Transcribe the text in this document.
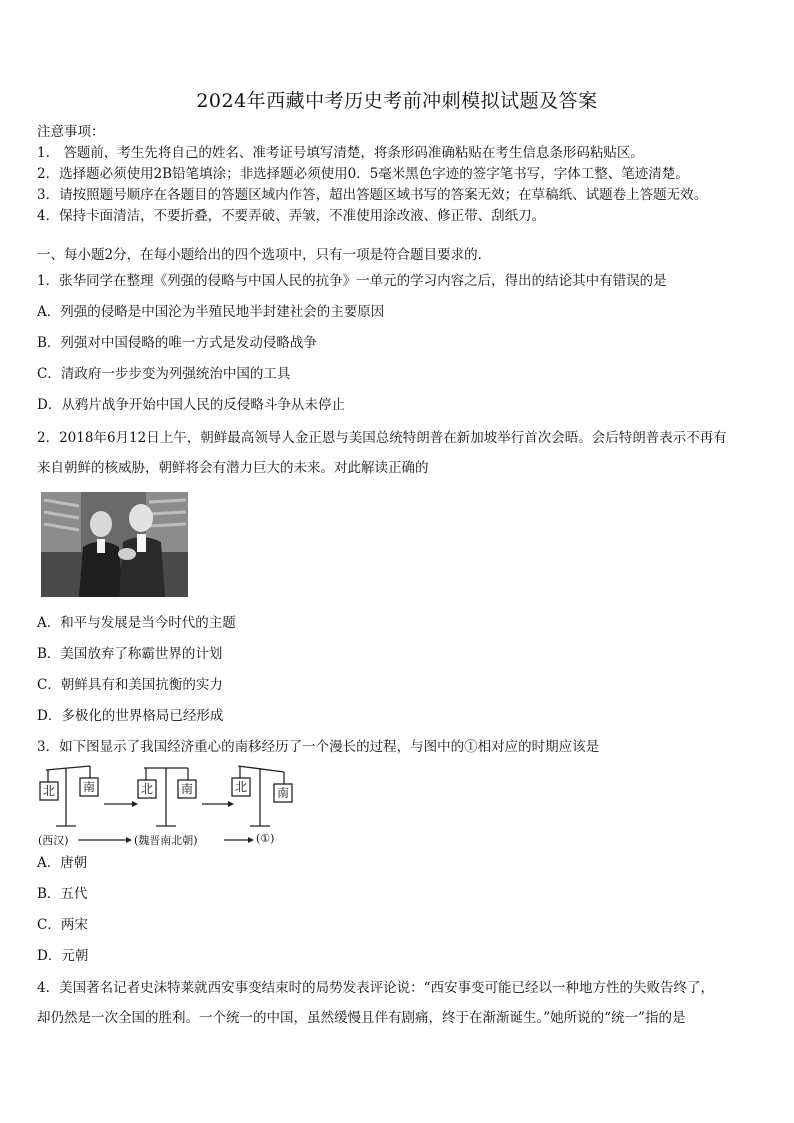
2024年西藏中考历史考前冲刺模拟试题及答案
注意事项：
1.　答题前，考生先将自己的姓名、准考证号填写清楚，将条形码准确粘贴在考生信息条形码粘贴区。
2．选择题必须使用2B铅笔填涂；非选择题必须使用0．5毫米黑色字迹的签字笔书写，字体工整、笔迹清楚。
3．请按照题号顺序在各题目的答题区域内作答，超出答题区域书写的答案无效；在草稿纸、试题卷上答题无效。
4．保持卡面清洁，不要折叠，不要弄破、弄皱，不准使用涂改液、修正带、刮纸刀。
一、每小题2分，在每小题给出的四个选项中，只有一项是符合题目要求的．
1．张华同学在整理《列强的侵略与中国人民的抗争》一单元的学习内容之后，得出的结论其中有错误的是
A．列强的侵略是中国沦为半殖民地半封建社会的主要原因
B．列强对中国侵略的唯一方式是发动侵略战争
C．清政府一步步变为列强统治中国的工具
D．从鸦片战争开始中国人民的反侵略斗争从未停止
2．2018年6月12日上午，朝鲜最高领导人金正恩与美国总统特朗普在新加坡举行首次会晤。会后特朗普表示不再有
来自朝鲜的核威胁，朝鲜将会有潜力巨大的未来。对此解读正确的
A．和平与发展是当今时代的主题
B．美国放弃了称霸世界的计划
C．朝鲜具有和美国抗衡的实力
D．多极化的世界格局已经形成
3．如下图显示了我国经济重心的南移经历了一个漫长的过程，与图中的①相对应的时期应该是
北 南	北 南	北 南
(西汉)	(魏晋南北朝)	(①)
A．唐朝
B．五代
C．两宋
D．元朝
4．美国著名记者史沫特莱就西安事变结束时的局势发表评论说：“西安事变可能已经以一种地方性的失败告终了，
却仍然是一次全国的胜利。一个统一的中国，虽然缓慢且伴有剧痛，终于在渐渐诞生。”她所说的“统一”指的是
